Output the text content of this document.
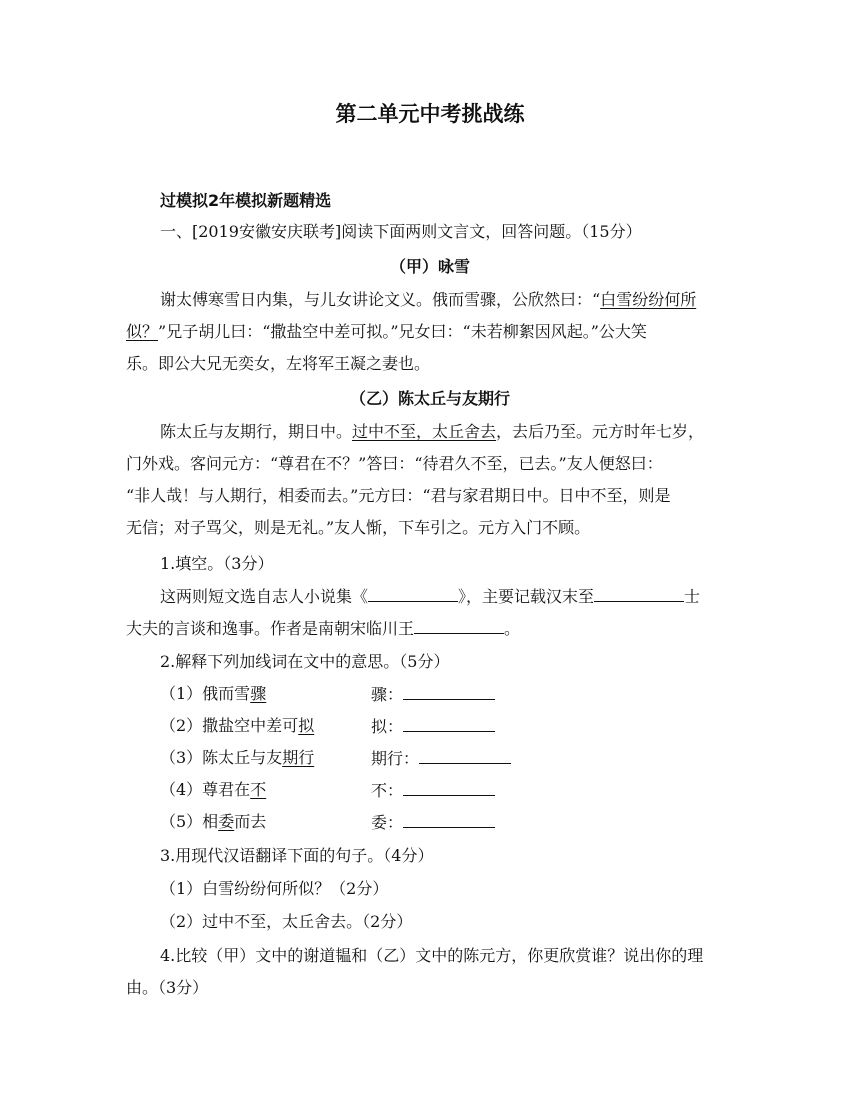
第二单元中考挑战练
过模拟2年模拟新题精选
一、[2019安徽安庆联考]阅读下面两则文言文，回答问题。（15分）
（甲）咏雪
谢太傅寒雪日内集，与儿女讲论文义。俄而雪骤，公欣然曰：“白雪纷纷何所
似？”兄子胡儿曰：“撒盐空中差可拟。”兄女曰：“未若柳絮因风起。”公大笑
乐。即公大兄无奕女，左将军王凝之妻也。
（乙）陈太丘与友期行
陈太丘与友期行，期日中。过中不至，太丘舍去，去后乃至。元方时年七岁，
门外戏。客问元方：“尊君在不？”答曰：“待君久不至，已去。”友人便怒曰：
“非人哉！与人期行，相委而去。”元方曰：“君与家君期日中。日中不至，则是
无信；对子骂父，则是无礼。”友人惭，下车引之。元方入门不顾。
1.填空。（3分）
这两则短文选自志人小说集《	》，主要记载汉末至	士
大夫的言谈和逸事。作者是南朝宋临川王	。
2.解释下列加线词在文中的意思。（5分）
（1）俄而雪骤	骤：
（2）撒盐空中差可拟	拟：
（3）陈太丘与友期行	期行：
（4）尊君在不	不：
（5）相委而去	委：
3.用现代汉语翻译下面的句子。（4分）
（1）白雪纷纷何所似？（2分）
（2）过中不至，太丘舍去。（2分）
4.比较（甲）文中的谢道韫和（乙）文中的陈元方，你更欣赏谁？说出你的理
由。（3分）
